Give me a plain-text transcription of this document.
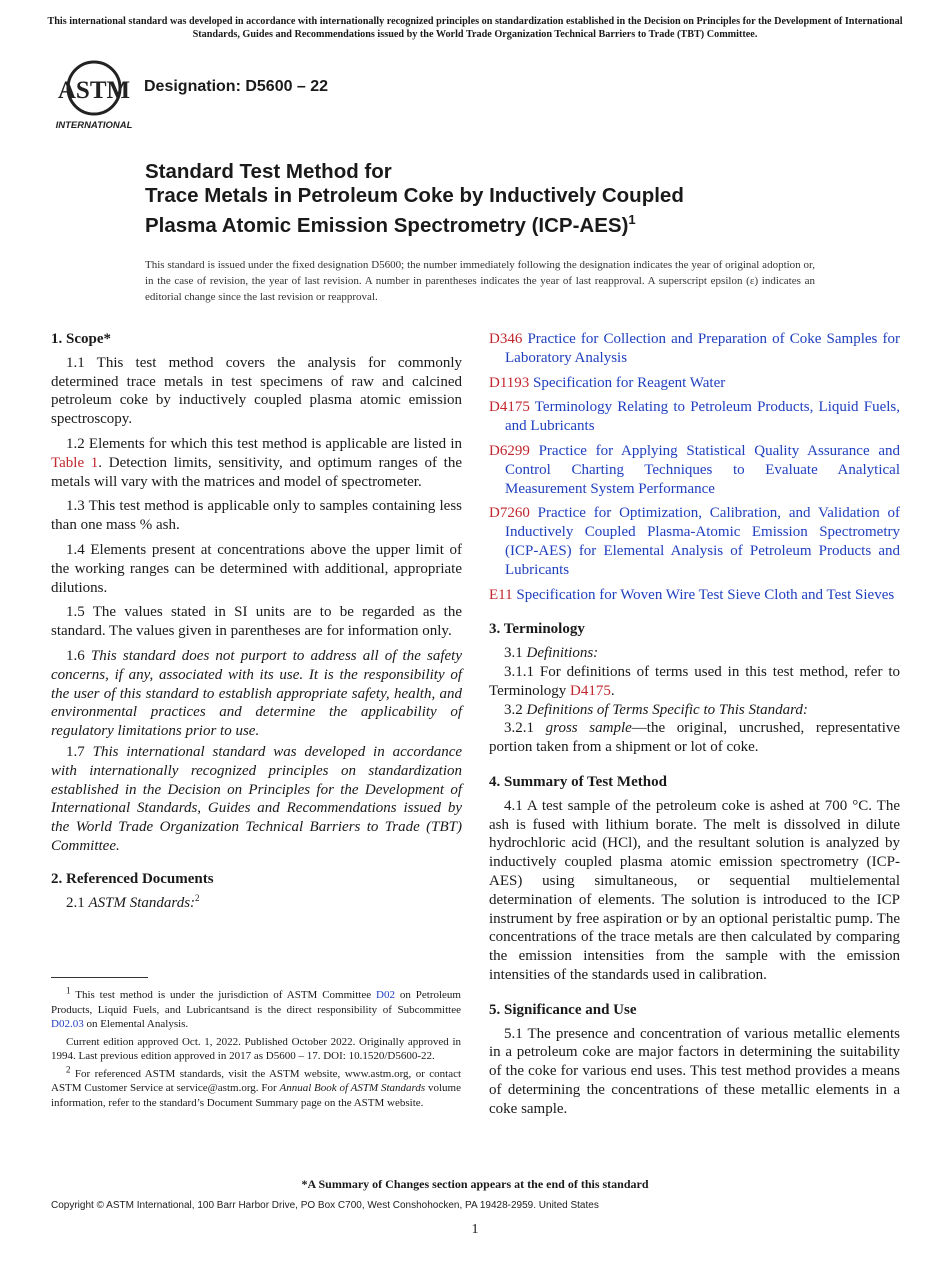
This international standard was developed in accordance with internationally recognized principles on standardization established in the Decision on Principles for the Development of International Standards, Guides and Recommendations issued by the World Trade Organization Technical Barriers to Trade (TBT) Committee.
ASTM
INTERNATIONAL
Designation: D5600 – 22
Standard Test Method for
Trace Metals in Petroleum Coke by Inductively Coupled
Plasma Atomic Emission Spectrometry $(ICP-AES)^1$
This standard is issued under the fixed designation D5600; the number immediately following the designation indicates the year of original adoption or, in the case of revision, the year of last revision. A number in parentheses indicates the year of last reapproval. A superscript epsilon (ε) indicates an editorial change since the last revision or reapproval.
1. Scope*

1.1 This test method covers the analysis for commonly determined trace metals in test specimens of raw and calcined petroleum coke by inductively coupled plasma atomic emission spectroscopy.

1.2 Elements for which this test method is applicable are listed in Table 1. Detection limits, sensitivity, and optimum ranges of the metals will vary with the matrices and model of spectrometer.

1.3 This test method is applicable only to samples containing less than one mass % ash.

1.4 Elements present at concentrations above the upper limit of the working ranges can be determined with additional, appropriate dilutions.

1.5 The values stated in SI units are to be regarded as the standard. The values given in parentheses are for information only.

1.6 This standard does not purport to address all of the safety concerns, if any, associated with its use. It is the responsibility of the user of this standard to establish appropriate safety, health, and environmental practices and determine the applicability of regulatory limitations prior to use.

1.7 This international standard was developed in accordance with internationally recognized principles on standardization established in the Decision on Principles for the Development of International Standards, Guides and Recommendations issued by the World Trade Organization Technical Barriers to Trade (TBT) Committee.

2. Referenced Documents

2.1 ASTM Standards:$^2$

$^1$ This test method is under the jurisdiction of ASTM Committee D02 on Petroleum Products, Liquid Fuels, and Lubricantsand is the direct responsibility of Subcommittee D02.03 on Elemental Analysis.

Current edition approved Oct. 1, 2022. Published October 2022. Originally approved in 1994. Last previous edition approved in 2017 as D5600 – 17. DOI: 10.1520/D5600-22.

$^2$ For referenced ASTM standards, visit the ASTM website, www.astm.org, or contact ASTM Customer Service at service@astm.org. For Annual Book of ASTM Standards volume information, refer to the standard’s Document Summary page on the ASTM website.

D346 Practice for Collection and Preparation of Coke Samples for Laboratory Analysis

D1193 Specification for Reagent Water

D4175 Terminology Relating to Petroleum Products, Liquid Fuels, and Lubricants

D6299 Practice for Applying Statistical Quality Assurance and Control Charting Techniques to Evaluate Analytical Measurement System Performance

D7260 Practice for Optimization, Calibration, and Validation of Inductively Coupled Plasma-Atomic Emission Spectrometry (ICP-AES) for Elemental Analysis of Petroleum Products and Lubricants

E11 Specification for Woven Wire Test Sieve Cloth and Test Sieves

3. Terminology

3.1 Definitions:

3.1.1 For definitions of terms used in this test method, refer to Terminology D4175.

3.2 Definitions of Terms Specific to This Standard:

3.2.1 gross sample—the original, uncrushed, representative portion taken from a shipment or lot of coke.

4. Summary of Test Method

4.1 A test sample of the petroleum coke is ashed at 700 °C. The ash is fused with lithium borate. The melt is dissolved in dilute hydrochloric acid (HCl), and the resultant solution is analyzed by inductively coupled plasma atomic emission spectrometry (ICP-AES) using simultaneous, or sequential multielemental determination of elements. The solution is introduced to the ICP instrument by free aspiration or by an optional peristaltic pump. The concentrations of the trace metals are then calculated by comparing the emission intensities from the sample with the emission intensities of the standards used in calibration.

5. Significance and Use

5.1 The presence and concentration of various metallic elements in a petroleum coke are major factors in determining the suitability of the coke for various end uses. This test method provides a means of determining the concentrations of these metallic elements in a coke sample.

*A Summary of Changes section appears at the end of this standard
Copyright © ASTM International, 100 Barr Harbor Drive, PO Box C700, West Conshohocken, PA 19428-2959. United States
1
